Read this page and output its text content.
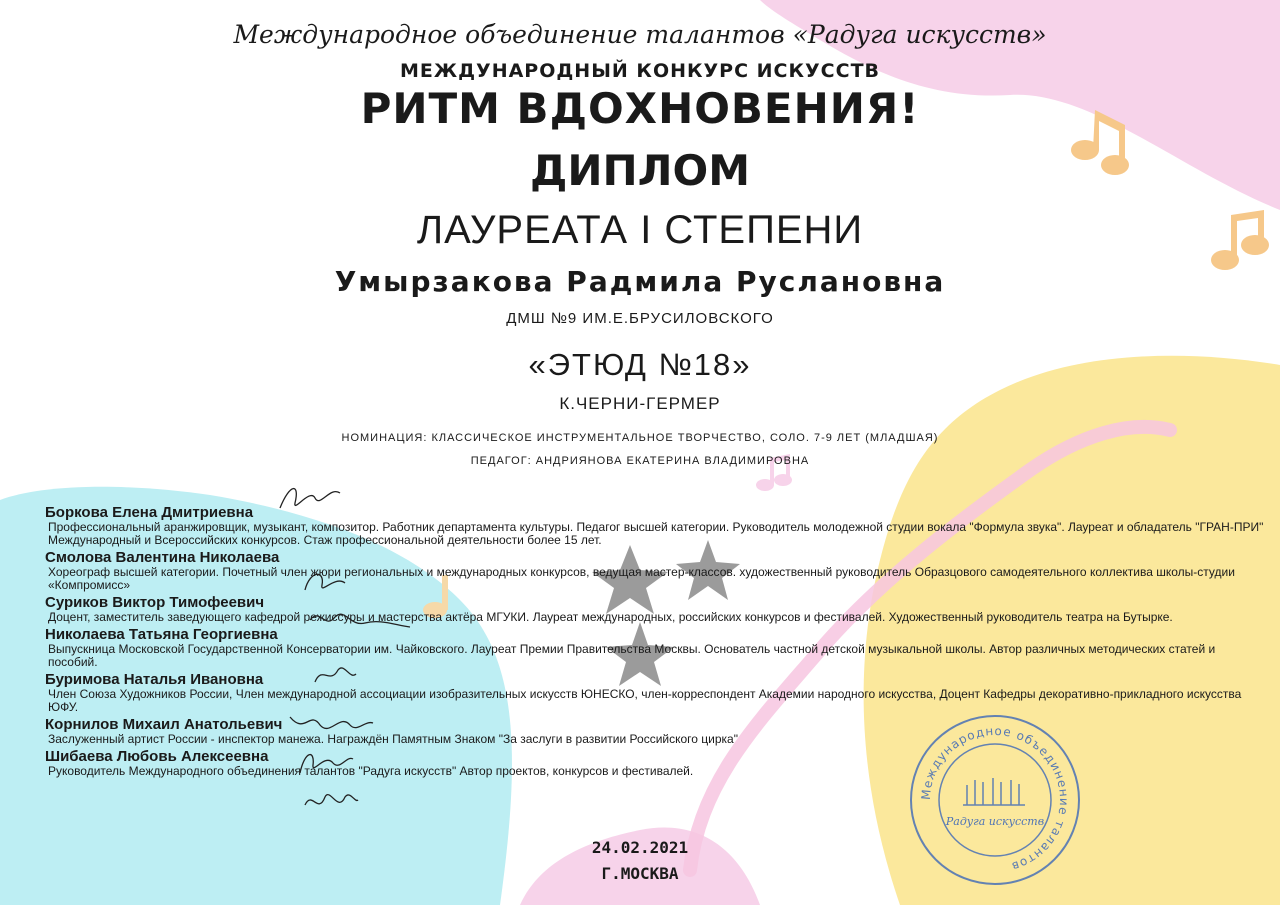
Международное объединение талантов «Радуга искусств»
МЕЖДУНАРОДНЫЙ КОНКУРС ИСКУССТВ
РИТМ ВДОХНОВЕНИЯ!
ДИПЛОМ
ЛАУРЕАТА I СТЕПЕНИ
Умырзакова Радмила Руслановна
ДМШ №9 ИМ.Е.БРУСИЛОВСКОГО
«ЭТЮД №18»
К.ЧЕРНИ-ГЕРМЕР
НОМИНАЦИЯ: КЛАССИЧЕСКОЕ ИНСТРУМЕНТАЛЬНОЕ ТВОРЧЕСТВО, СОЛО. 7-9 ЛЕТ (МЛАДШАЯ)
ПЕДАГОГ: АНДРИЯНОВА ЕКАТЕРИНА ВЛАДИМИРОВНА
Боркова Елена Дмитриевна
Профессиональный аранжировщик, музыкант, композитор. Работник департамента культуры. Педагог высшей категории. Руководитель молодежной студии вокала "Формула звука". Лауреат и обладатель "ГРАН-ПРИ" Международный и Всероссийских конкурсов. Стаж профессиональной деятельности более 15 лет.
Смолова Валентина Николаева
Хореограф высшей категории. Почетный член жюри региональных и международных конкурсов, ведущая мастер-классов. художественный руководитель Образцового самодеятельного коллектива школы-студии «Компромисс»
Суриков Виктор Тимофеевич
Доцент, заместитель заведующего кафедрой режиссуры и мастерства актёра МГУКИ. Лауреат международных, российских конкурсов и фестивалей. Художественный руководитель театра на Бутырке.
Николаева Татьяна Георгиевна
Выпускница Московской Государственной Консерватории им. Чайковского. Лауреат Премии Правительства Москвы. Основатель частной детской музыкальной школы. Автор различных методических статей и пособий.
Буримова Наталья Ивановна
Член Союза Художников России, Член международной ассоциации изобразительных искусств ЮНЕСКО, член-корреспондент Академии народного искусства, Доцент Кафедры декоративно-прикладного искусства ЮФУ.
Корнилов Михаил Анатольевич
Заслуженный артист России - инспектор манежа. Награждён Памятным Знаком "За заслуги в развитии Российского цирка"
Шибаева Любовь Алексеевна
Руководитель Международного объединения талантов "Радуга искусств" Автор проектов, конкурсов и фестивалей.
24.02.2021
Г.МОСКВА
Международное объединение талантов
Радуга искусств
